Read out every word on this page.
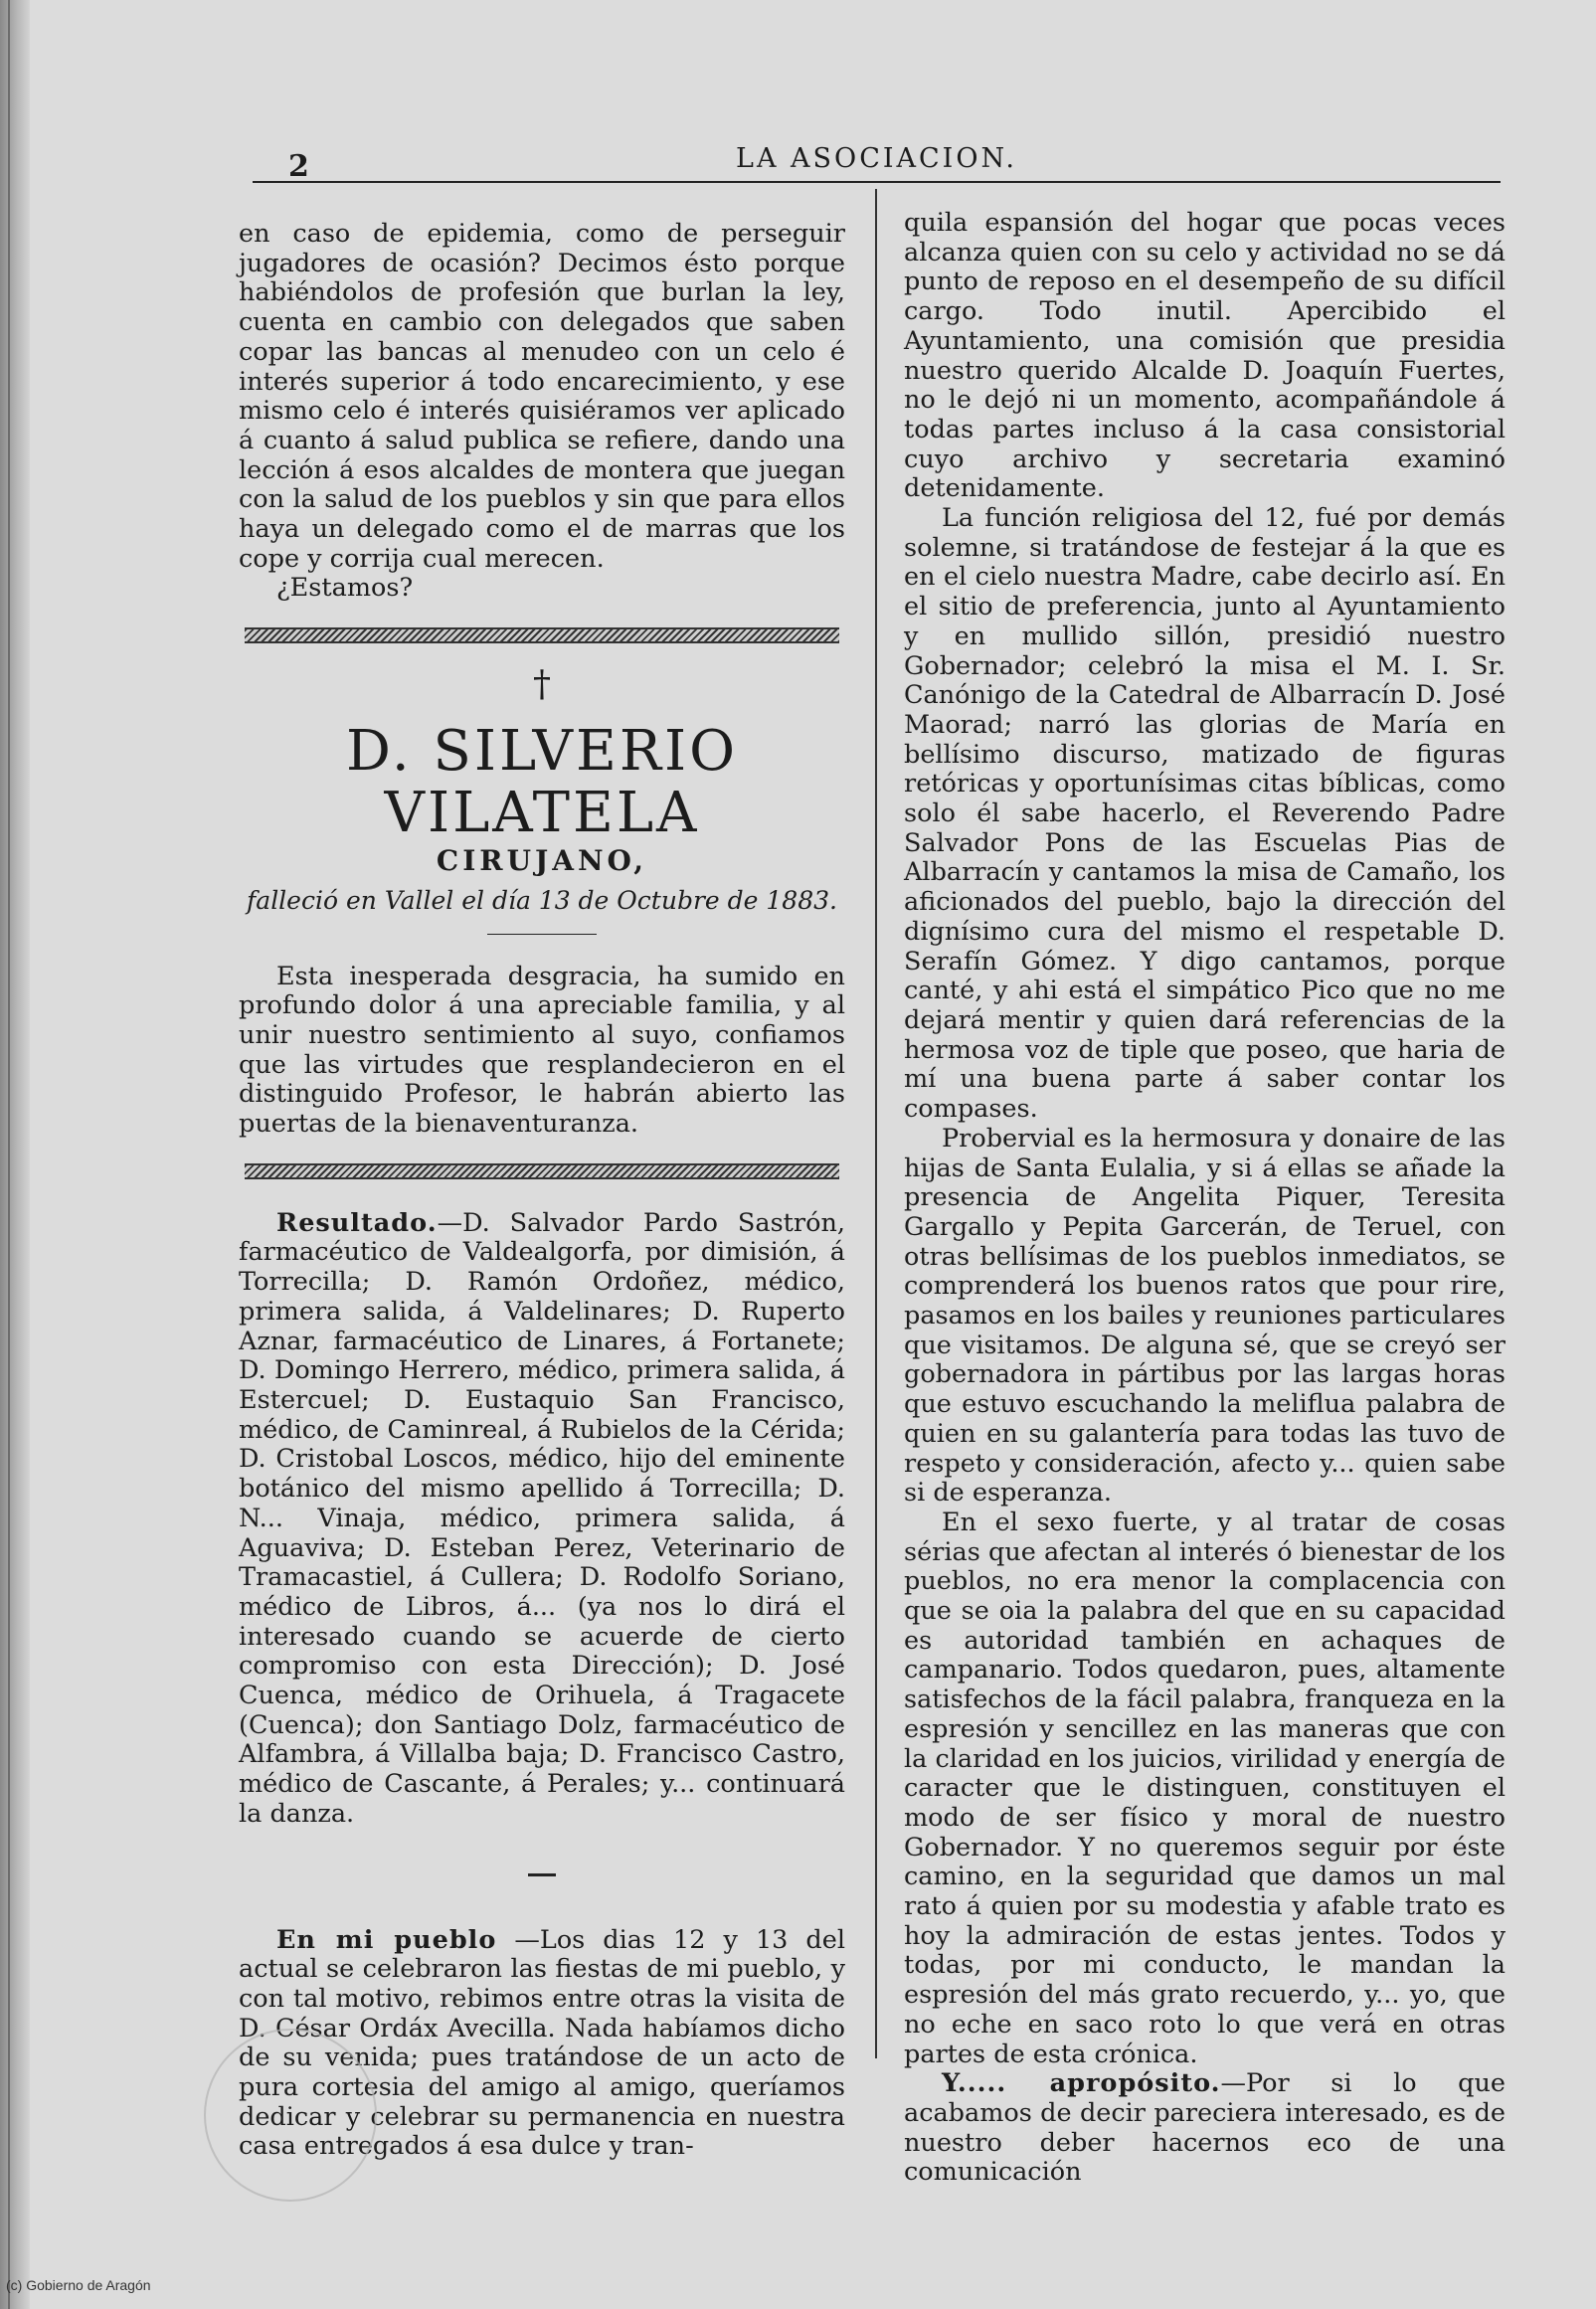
2	LA ASOCIACION.

en caso de epidemia, como de perseguir jugadores de ocasión? Decimos ésto porque habiéndolos de profesión que burlan la ley, cuenta en cambio con delegados que saben copar las bancas al menudeo con un celo é interés superior á todo encarecimiento, y ese mismo celo é interés quisiéramos ver aplicado á cuanto á salud publica se refiere, dando una lección á esos alcaldes de montera que juegan con la salud de los pueblos y sin que para ellos haya un delegado como el de marras que los cope y corrija cual merecen.

¿Estamos?

†
D. SILVERIO VILATELA
CIRUJANO,
falleció en Vallel el día 13 de Octubre de 1883.

Esta inesperada desgracia, ha sumido en profundo dolor á una apreciable familia, y al unir nuestro sentimiento al suyo, confiamos que las virtudes que resplandecieron en el distinguido Profesor, le habrán abierto las puertas de la bienaventuranza.

Resultado.—D. Salvador Pardo Sastrón, farmacéutico de Valdealgorfa, por dimisión, á Torrecilla; D. Ramón Ordoñez, médico, primera salida, á Valdelinares; D. Ruperto Aznar, farmacéutico de Linares, á Fortanete; D. Domingo Herrero, médico, primera salida, á Estercuel; D. Eustaquio San Francisco, médico, de Caminreal, á Rubielos de la Cérida; D. Cristobal Loscos, médico, hijo del eminente botánico del mismo apellido á Torrecilla; D. N... Vinaja, médico, primera salida, á Aguaviva; D. Esteban Perez, Veterinario de Tramacastiel, á Cullera; D. Rodolfo Soriano, médico de Libros, á... (ya nos lo dirá el interesado cuando se acuerde de cierto compromiso con esta Dirección); D. José Cuenca, médico de Orihuela, á Tragacete (Cuenca); don Santiago Dolz, farmacéutico de Alfambra, á Villalba baja; D. Francisco Castro, médico de Cascante, á Perales; y... continuará la danza.

En mi pueblo —Los dias 12 y 13 del actual se celebraron las fiestas de mi pueblo, y con tal motivo, rebimos entre otras la visita de D. César Ordáx Avecilla. Nada habíamos dicho de su venida; pues tratándose de un acto de pura cortesia del amigo al amigo, queríamos dedicar y celebrar su permanencia en nuestra casa entregados á esa dulce y tran-

quila espansión del hogar que pocas veces alcanza quien con su celo y actividad no se dá punto de reposo en el desempeño de su difícil cargo. Todo inutil. Apercibido el Ayuntamiento, una comisión que presidia nuestro querido Alcalde D. Joaquín Fuertes, no le dejó ni un momento, acompañándole á todas partes incluso á la casa consistorial cuyo archivo y secretaria examinó detenidamente.

La función religiosa del 12, fué por demás solemne, si tratándose de festejar á la que es en el cielo nuestra Madre, cabe decirlo así. En el sitio de preferencia, junto al Ayuntamiento y en mullido sillón, presidió nuestro Gobernador; celebró la misa el M. I. Sr. Canónigo de la Catedral de Albarracín D. José Maorad; narró las glorias de María en bellísimo discurso, matizado de figuras retóricas y oportunísimas citas bíblicas, como solo él sabe hacerlo, el Reverendo Padre Salvador Pons de las Escuelas Pias de Albarracín y cantamos la misa de Camaño, los aficionados del pueblo, bajo la dirección del dignísimo cura del mismo el respetable D. Serafín Gómez. Y digo cantamos, porque canté, y ahi está el simpático Pico que no me dejará mentir y quien dará referencias de la hermosa voz de tiple que poseo, que haria de mí una buena parte á saber contar los compases.

Probervial es la hermosura y donaire de las hijas de Santa Eulalia, y si á ellas se añade la presencia de Angelita Piquer, Teresita Gargallo y Pepita Garcerán, de Teruel, con otras bellísimas de los pueblos inmediatos, se comprenderá los buenos ratos que pour rire, pasamos en los bailes y reuniones particulares que visitamos. De alguna sé, que se creyó ser gobernadora in pártibus por las largas horas que estuvo escuchando la meliflua palabra de quien en su galantería para todas las tuvo de respeto y consideración, afecto y... quien sabe si de esperanza.

En el sexo fuerte, y al tratar de cosas sérias que afectan al interés ó bienestar de los pueblos, no era menor la complacencia con que se oia la palabra del que en su capacidad es autoridad también en achaques de campanario. Todos quedaron, pues, altamente satisfechos de la fácil palabra, franqueza en la espresión y sencillez en las maneras que con la claridad en los juicios, virilidad y energía de caracter que le distinguen, constituyen el modo de ser físico y moral de nuestro Gobernador. Y no queremos seguir por éste camino, en la seguridad que damos un mal rato á quien por su modestia y afable trato es hoy la admiración de estas jentes. Todos y todas, por mi conducto, le mandan la espresión del más grato recuerdo, y... yo, que no eche en saco roto lo que verá en otras partes de esta crónica.

Y..... apropósito.—Por si lo que acabamos de decir pareciera interesado, es de nuestro deber hacernos eco de una comunicación

(c) Gobierno de Aragón
